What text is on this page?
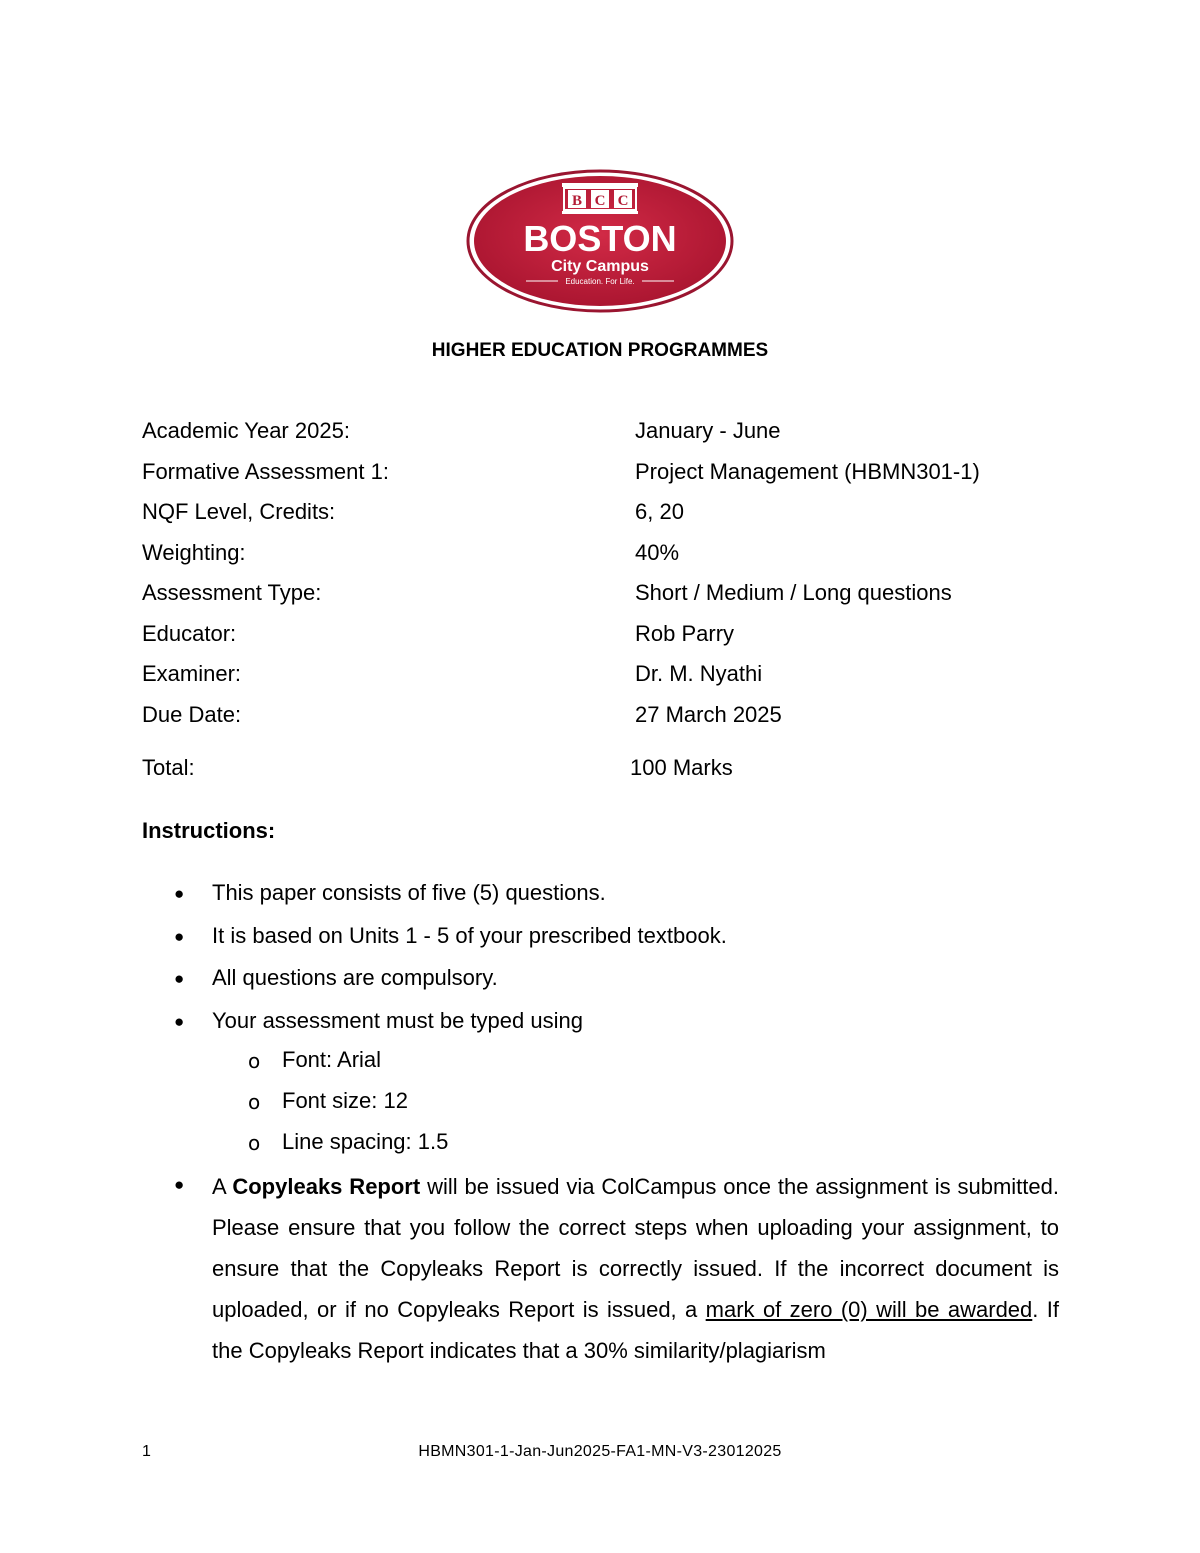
B C C
BOSTON
City Campus
Education. For Life.
HIGHER EDUCATION PROGRAMMES
Academic Year 2025:	January - June
Formative Assessment 1:	Project Management (HBMN301-1)
NQF Level, Credits:	6, 20
Weighting:	40%
Assessment Type:	Short / Medium / Long questions
Educator:	Rob Parry
Examiner:	Dr. M. Nyathi
Due Date:	27 March 2025
Total:	100 Marks
Instructions:
● This paper consists of five (5) questions.
● It is based on Units 1 - 5 of your prescribed textbook.
● All questions are compulsory.
● Your assessment must be typed using
o Font: Arial
o Font size: 12
o Line spacing: 1.5
● A Copyleaks Report will be issued via ColCampus once the assignment is submitted. Please ensure that you follow the correct steps when uploading your assignment, to ensure that the Copyleaks Report is correctly issued. If the incorrect document is uploaded, or if no Copyleaks Report is issued, a mark of zero (0) will be awarded. If the Copyleaks Report indicates that a 30% similarity/plagiarism
1	HBMN301-1-Jan-Jun2025-FA1-MN-V3-23012025
